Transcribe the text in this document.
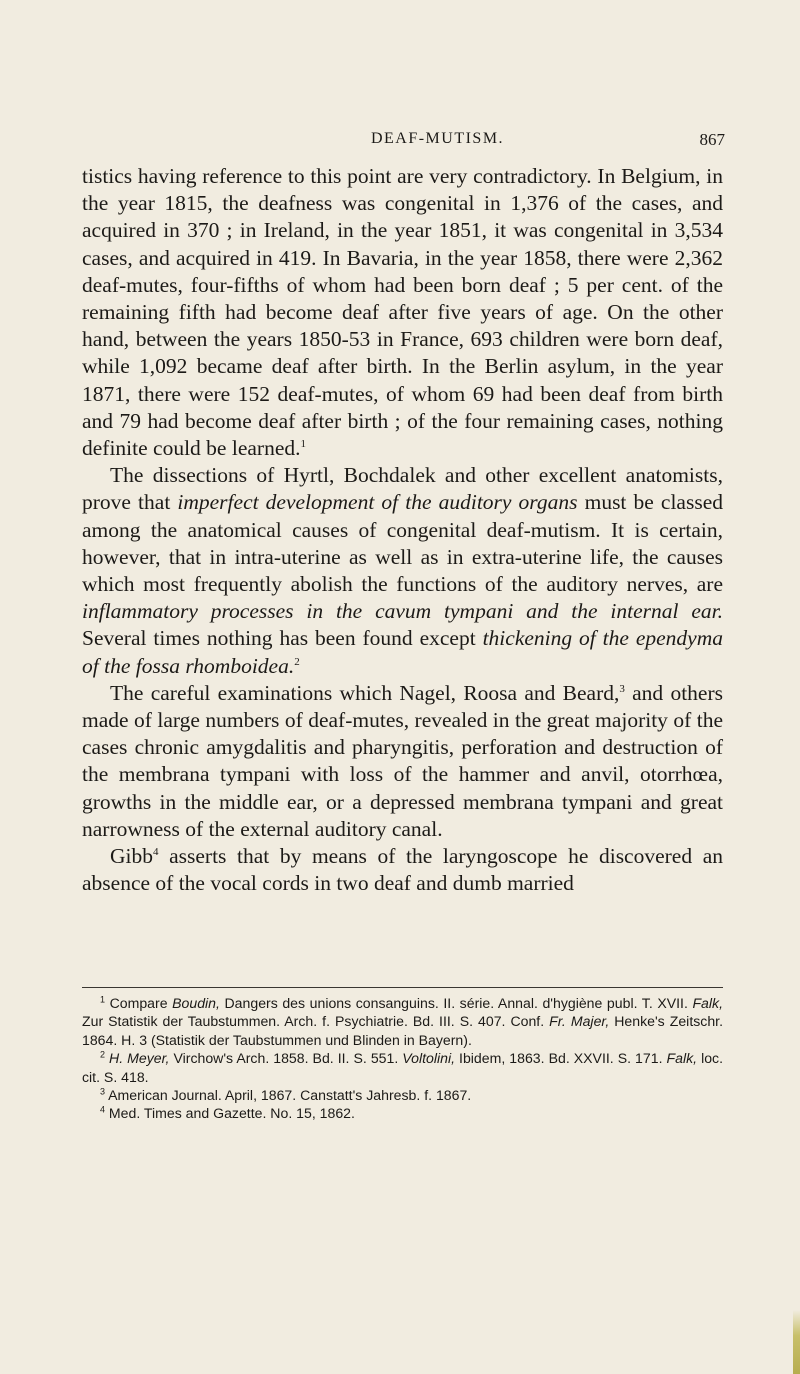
DEAF-MUTISM.	867

tistics having reference to this point are very contradictory. In Belgium, in the year 1815, the deafness was congenital in 1,376 of the cases, and acquired in 370 ; in Ireland, in the year 1851, it was congenital in 3,534 cases, and acquired in 419. In Bavaria, in the year 1858, there were 2,362 deaf-mutes, four-fifths of whom had been born deaf ; 5 per cent. of the remaining fifth had become deaf after five years of age. On the other hand, between the years 1850-53 in France, 693 children were born deaf, while 1,092 became deaf after birth. In the Berlin asylum, in the year 1871, there were 152 deaf-mutes, of whom 69 had been deaf from birth and 79 had become deaf after birth ; of the four remaining cases, nothing definite could be learned.$^1$

The dissections of Hyrtl, Bochdalek and other excellent anatomists, prove that imperfect development of the auditory organs must be classed among the anatomical causes of congenital deaf-mutism. It is certain, however, that in intra-uterine as well as in extra-uterine life, the causes which most frequently abolish the functions of the auditory nerves, are inflammatory processes in the cavum tympani and the internal ear. Several times nothing has been found except thickening of the ependyma of the fossa rhomboidea.$^2$

The careful examinations which Nagel, Roosa and Beard,$^3$ and others made of large numbers of deaf-mutes, revealed in the great majority of the cases chronic amygdalitis and pharyngitis, perforation and destruction of the membrana tympani with loss of the hammer and anvil, otorrhœa, growths in the middle ear, or a depressed membrana tympani and great narrowness of the external auditory canal.

Gibb$^4$ asserts that by means of the laryngoscope he discovered an absence of the vocal cords in two deaf and dumb married

$^1$ Compare Boudin, Dangers des unions consanguins. II. série. Annal. d'hygiène publ. T. XVII. Falk, Zur Statistik der Taubstummen. Arch. f. Psychiatrie. Bd. III. S. 407. Conf. Fr. Majer, Henke's Zeitschr. 1864. H. 3 (Statistik der Taubstummen und Blinden in Bayern).

$^2$ H. Meyer, Virchow's Arch. 1858. Bd. II. S. 551. Voltolini, Ibidem, 1863. Bd. XXVII. S. 171. Falk, loc. cit. S. 418.

$^3$ American Journal. April, 1867. Canstatt's Jahresb. f. 1867.

$^4$ Med. Times and Gazette. No. 15, 1862.
